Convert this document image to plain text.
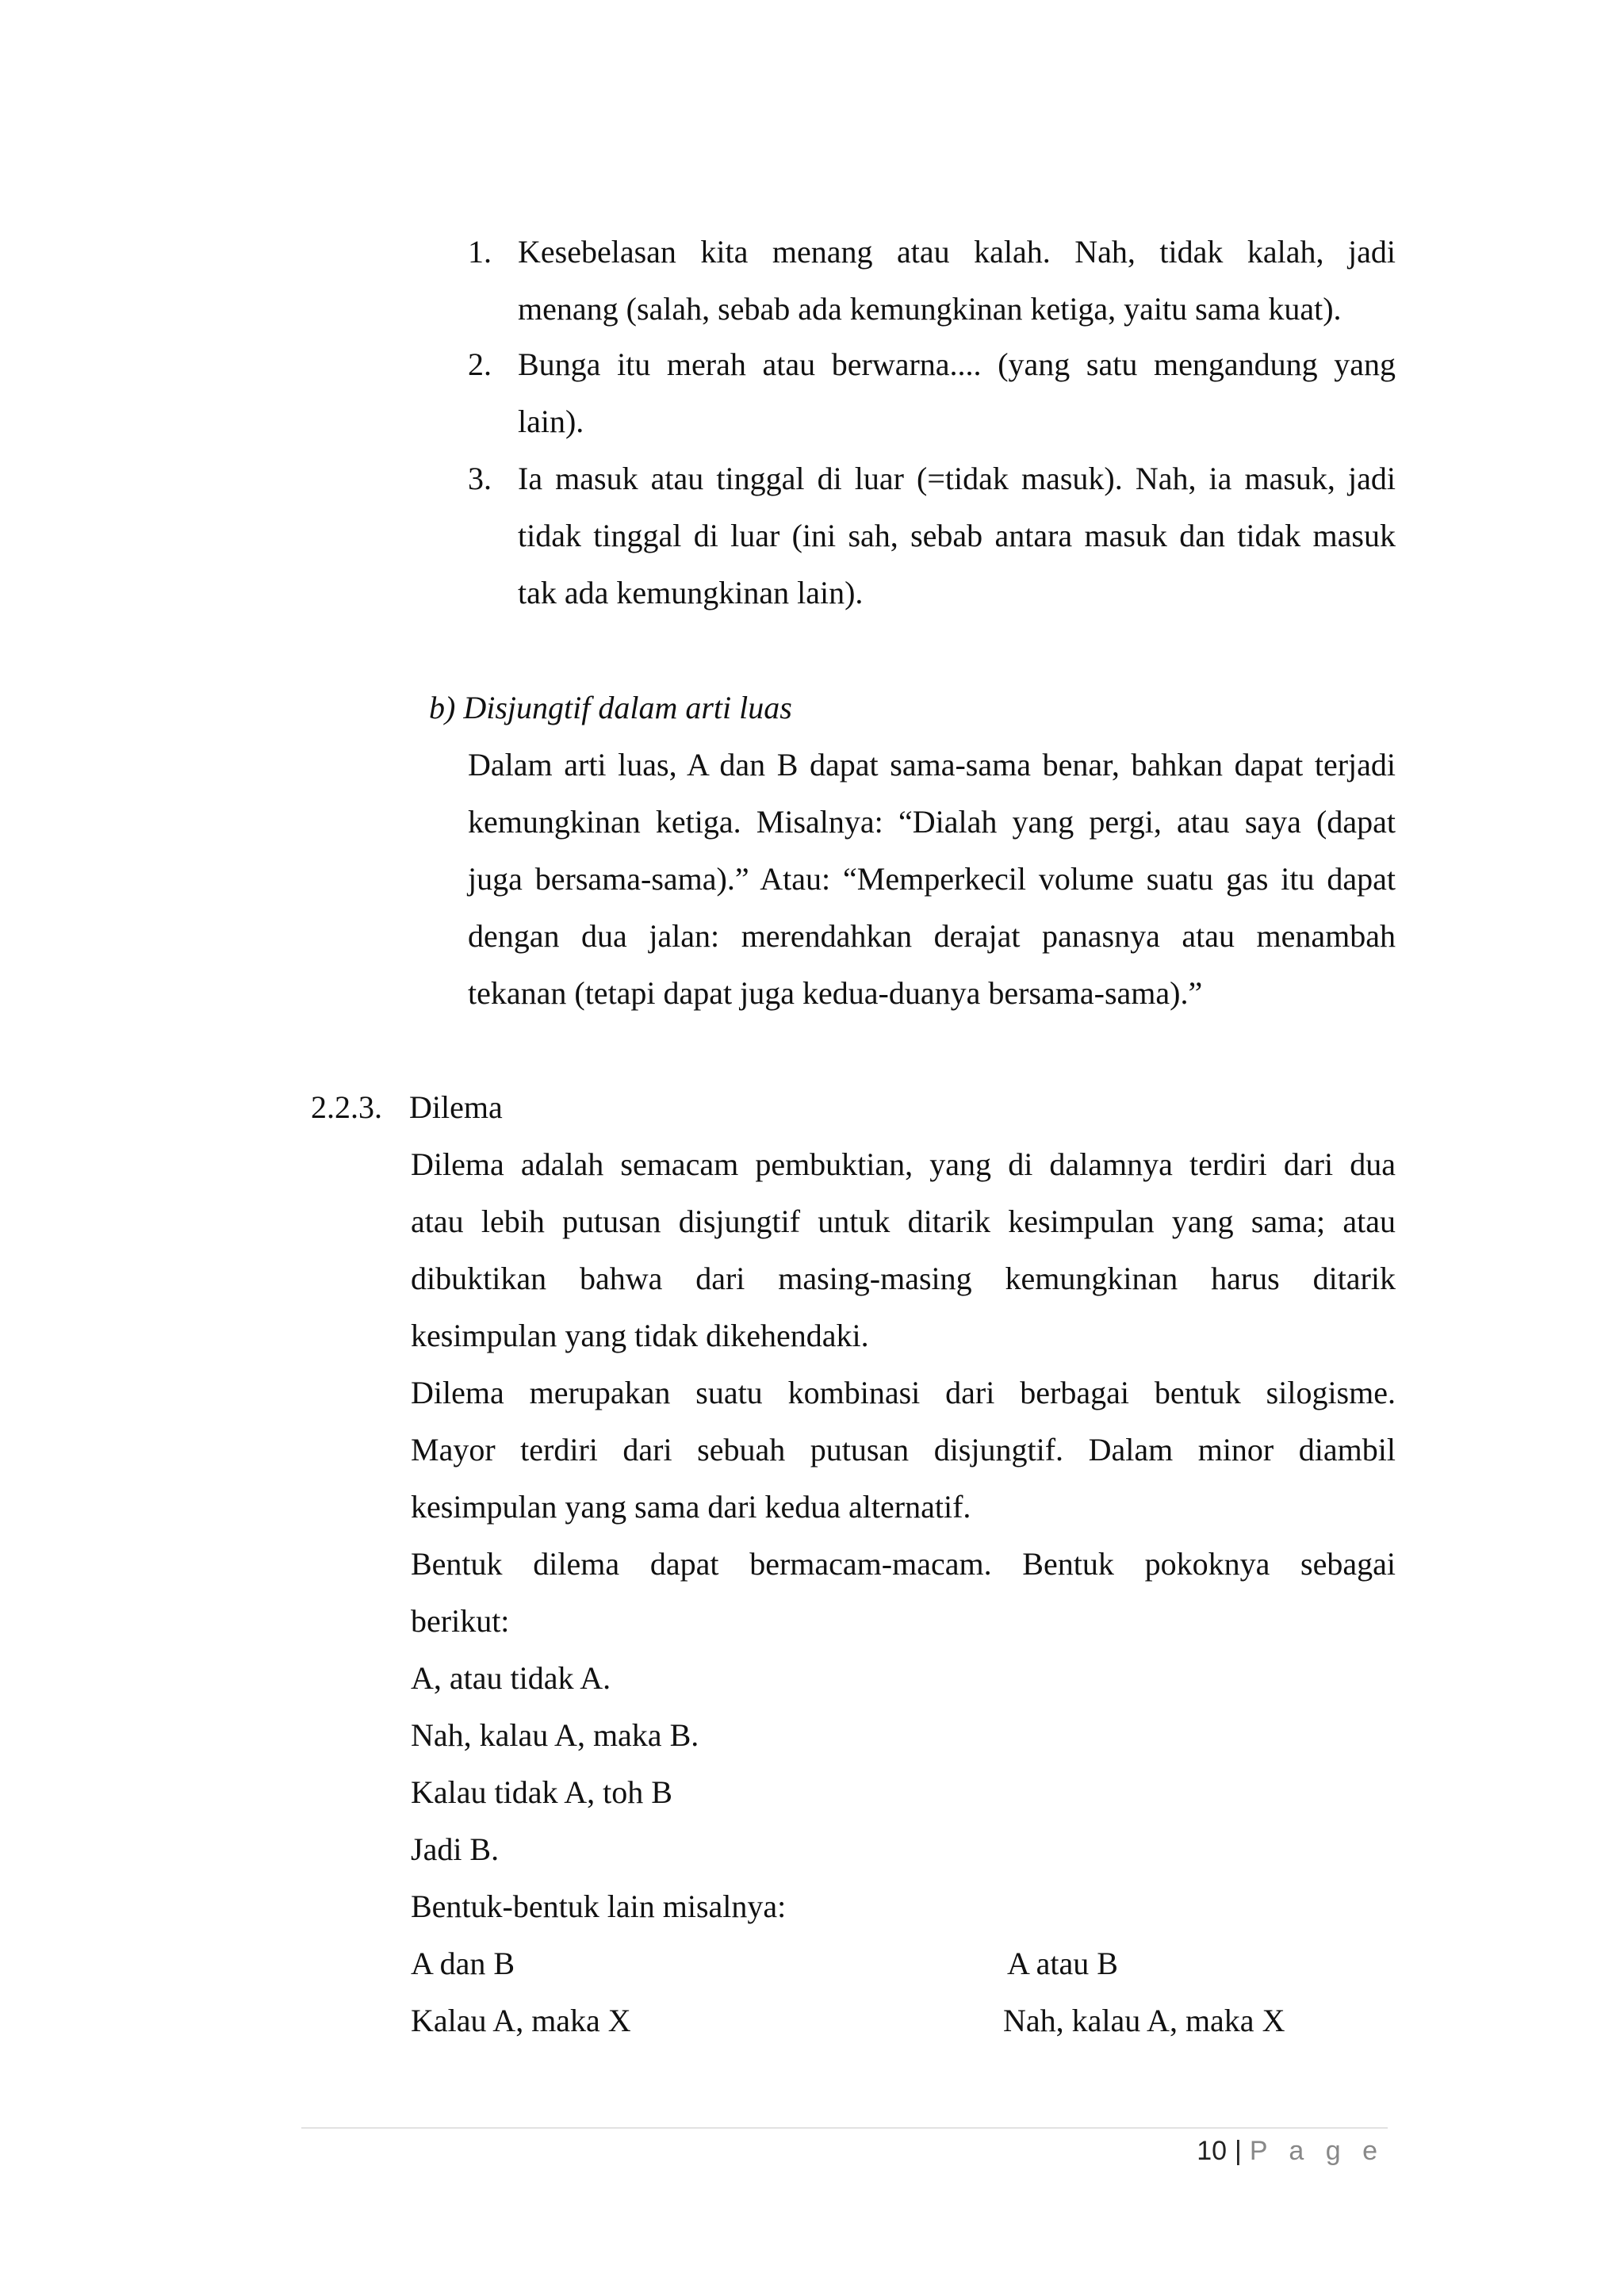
1. Kesebelasan kita menang atau kalah. Nah, tidak kalah, jadi
menang (salah, sebab ada kemungkinan ketiga, yaitu sama kuat).
2. Bunga itu merah atau berwarna.... (yang satu mengandung yang
lain).
3. Ia masuk atau tinggal di luar (=tidak masuk). Nah, ia masuk, jadi
tidak tinggal di luar (ini sah, sebab antara masuk dan tidak masuk
tak ada kemungkinan lain).
b) Disjungtif dalam arti luas
Dalam arti luas, A dan B dapat sama-sama benar, bahkan dapat terjadi
kemungkinan ketiga. Misalnya: “Dialah yang pergi, atau saya (dapat
juga bersama-sama).” Atau: “Memperkecil volume suatu gas itu dapat
dengan dua jalan: merendahkan derajat panasnya atau menambah
tekanan (tetapi dapat juga kedua-duanya bersama-sama).”
2.2.3. Dilema
Dilema adalah semacam pembuktian, yang di dalamnya terdiri dari dua
atau lebih putusan disjungtif untuk ditarik kesimpulan yang sama; atau
dibuktikan bahwa dari masing-masing kemungkinan harus ditarik
kesimpulan yang tidak dikehendaki.
Dilema merupakan suatu kombinasi dari berbagai bentuk silogisme.
Mayor terdiri dari sebuah putusan disjungtif. Dalam minor diambil
kesimpulan yang sama dari kedua alternatif.
Bentuk dilema dapat bermacam-macam. Bentuk pokoknya sebagai
berikut:
A, atau tidak A.
Nah, kalau A, maka B.
Kalau tidak A, toh B
Jadi B.
Bentuk-bentuk lain misalnya:
A dan B	A atau B
Kalau A, maka X	Nah, kalau A, maka X
10 | P a g e
